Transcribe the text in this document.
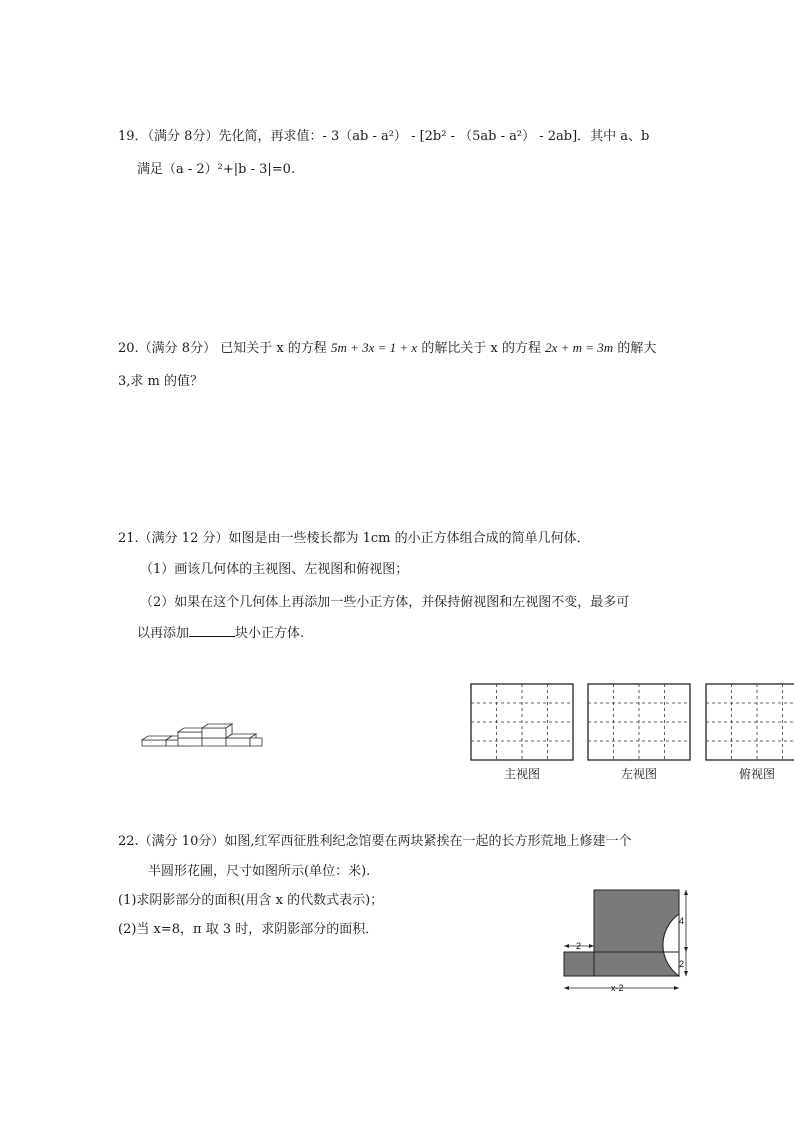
19．（满分 8分）先化简，再求值：- 3（ab - a²） - [2b² - （5ab - a²） - 2ab]．其中 a、b
满足（a - 2）²+|b - 3|=0.
20.（满分 8分） 已知关于 x 的方程 5m + 3x = 1 + x 的解比关于 x 的方程 2x + m = 3m 的解大
3,求 m 的值？
21.（满分 12 分）如图是由一些棱长都为 1cm 的小正方体组合成的简单几何体．
（1）画该几何体的主视图、左视图和俯视图；
（2）如果在这个几何体上再添加一些小正方体，并保持俯视图和左视图不变，最多可
以再添加	块小正方体.
主视图	左视图	俯视图
22.（满分 10分）如图,红军西征胜利纪念馆要在两块紧挨在一起的长方形荒地上修建一个
半圆形花圃，尺寸如图所示(单位：米).
(1)求阴影部分的面积(用含 x 的代数式表示)；
(2)当 x=8，π 取 3 时，求阴影部分的面积．
2
x-2
4
2
